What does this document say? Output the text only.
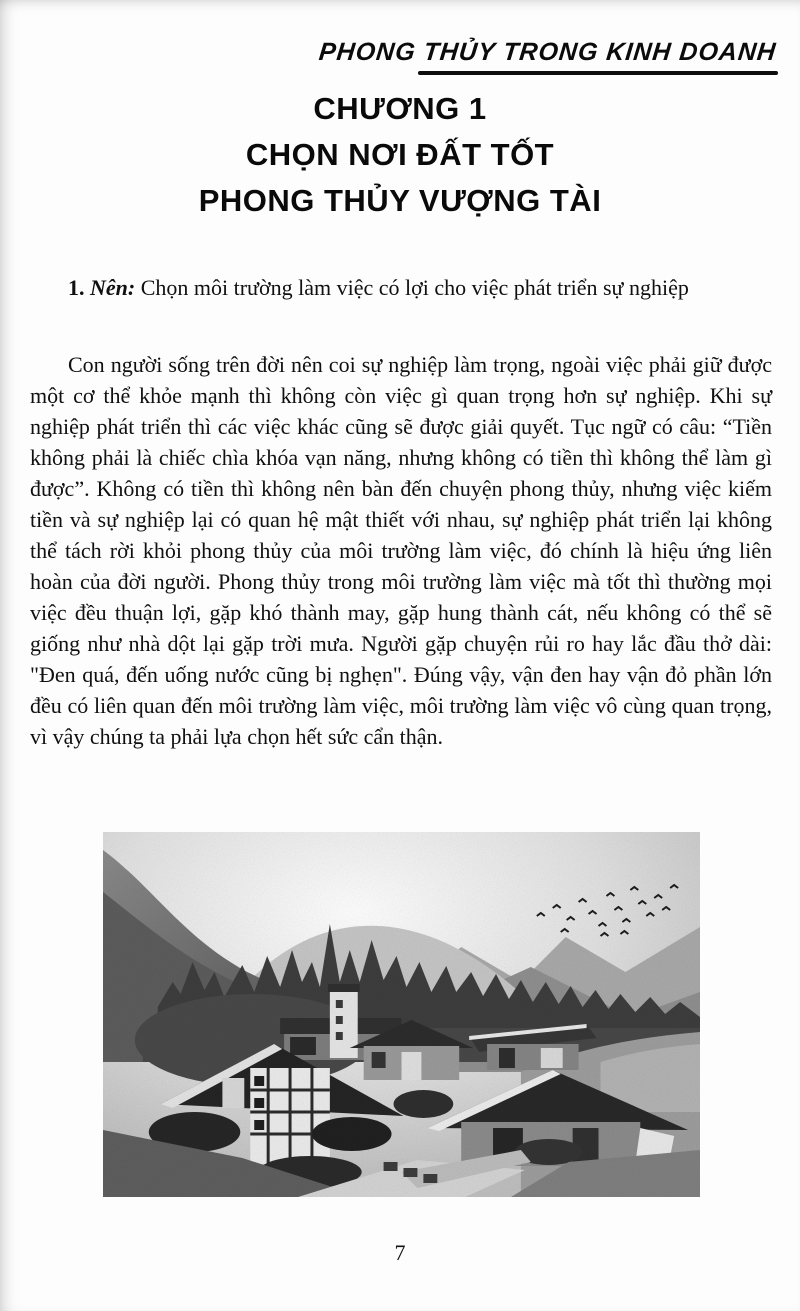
PHONG THỦY TRONG KINH DOANH
CHƯƠNG 1
CHỌN NƠI ĐẤT TỐT
PHONG THỦY VƯỢNG TÀI
1. Nên: Chọn môi trường làm việc có lợi cho việc phát triển sự nghiệp
Con người sống trên đời nên coi sự nghiệp làm trọng, ngoài việc phải giữ được một cơ thể khỏe mạnh thì không còn việc gì quan trọng hơn sự nghiệp. Khi sự nghiệp phát triển thì các việc khác cũng sẽ được giải quyết. Tục ngữ có câu: “Tiền không phải là chiếc chìa khóa vạn năng, nhưng không có tiền thì không thể làm gì được”. Không có tiền thì không nên bàn đến chuyện phong thủy, nhưng việc kiếm tiền và sự nghiệp lại có quan hệ mật thiết với nhau, sự nghiệp phát triển lại không thể tách rời khỏi phong thủy của môi trường làm việc, đó chính là hiệu ứng liên hoàn của đời người. Phong thủy trong môi trường làm việc mà tốt thì thường mọi việc đều thuận lợi, gặp khó thành may, gặp hung thành cát, nếu không có thể sẽ giống như nhà dột lại gặp trời mưa. Người gặp chuyện rủi ro hay lắc đầu thở dài: "Đen quá, đến uống nước cũng bị nghẹn". Đúng vậy, vận đen hay vận đỏ phần lớn đều có liên quan đến môi trường làm việc, môi trường làm việc vô cùng quan trọng, vì vậy chúng ta phải lựa chọn hết sức cẩn thận.
7
